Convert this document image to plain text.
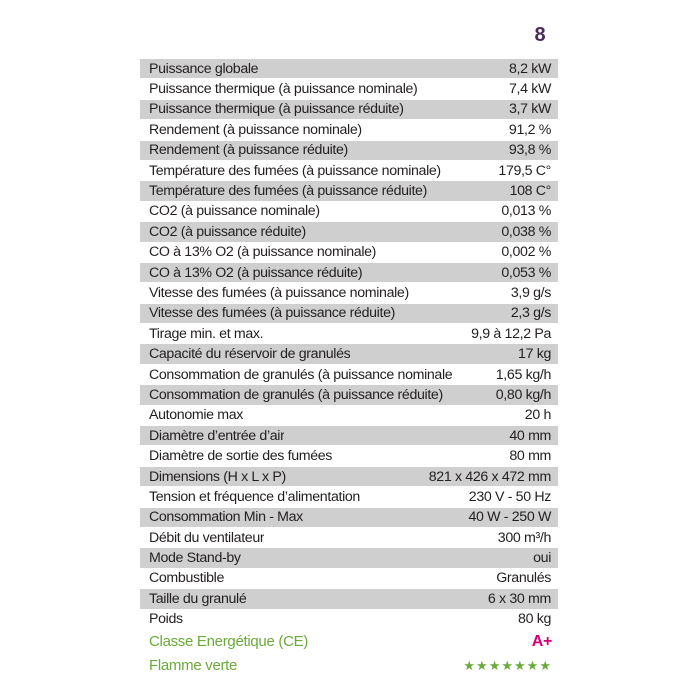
8
Puissance globale	8,2 kW
Puissance thermique (à puissance nominale)	7,4 kW
Puissance thermique (à puissance réduite)	3,7 kW
Rendement (à puissance nominale)	91,2 %
Rendement (à puissance réduite)	93,8 %
Température des fumées (à puissance nominale)	179,5 C°
Température des fumées (à puissance réduite)	108 C°
CO2 (à puissance nominale)	0,013 %
CO2 (à puissance réduite)	0,038 %
CO à 13% O2 (à puissance nominale)	0,002 %
CO à 13% O2 (à puissance réduite)	0,053 %
Vitesse des fumées (à puissance nominale)	3,9 g/s
Vitesse des fumées (à puissance réduite)	2,3 g/s
Tirage min. et max.	9,9 à 12,2 Pa
Capacité du réservoir de granulés	17 kg
Consommation de granulés (à puissance nominale	1,65 kg/h
Consommation de granulés (à puissance réduite)	0,80 kg/h
Autonomie max	20 h
Diamètre d’entrée d’air	40 mm
Diamètre de sortie des fumées	80 mm
Dimensions (H x L x P)	821 x 426 x 472 mm
Tension et fréquence d’alimentation	230 V - 50 Hz
Consommation Min - Max	40 W - 250 W
Débit du ventilateur	300 m³/h
Mode Stand-by	oui
Combustible	Granulés
Taille du granulé	6 x 30 mm
Poids	80 kg
Classe Energétique (CE)	A+
Flamme verte	★★★★★★★
